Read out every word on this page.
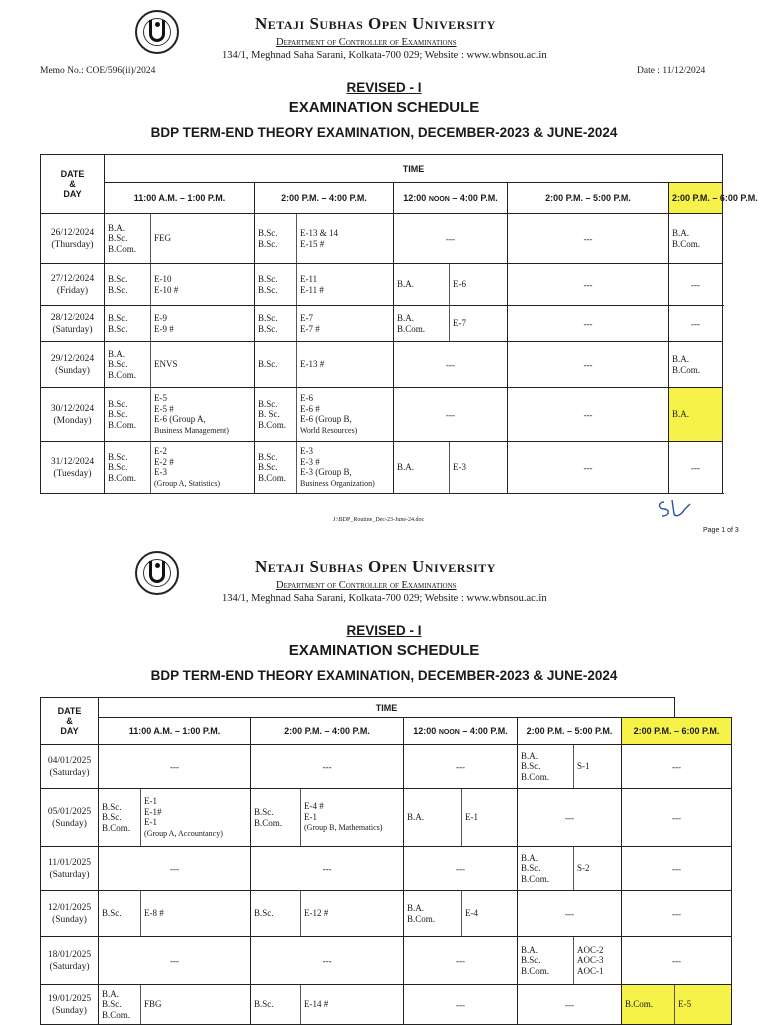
Netaji Subhas Open University
Department of Controller of Examinations
134/1, Meghnad Saha Sarani, Kolkata-700 029; Website : www.wbnsou.ac.in
Memo No.: COE/596(ii)/2024	Date : 11/12/2024
REVISED - I
EXAMINATION SCHEDULE
BDP TERM-END THEORY EXAMINATION, DECEMBER-2023 & JUNE-2024
DATE
&
DAY	TIME								
	11:00 A.M. – 1:00 P.M.		2:00 P.M. – 4:00 P.M.		12:00 NOON – 4:00 P.M.		2:00 P.M. – 5:00 P.M.	2:00 P.M. – 6:00 P.M.	
26/12/2024
(Thursday)	B.A.
B.Sc.
B.Com.	FEG	B.Sc.
B.Sc.	E-13 & 14
E-15 #	---		---	B.A.
B.Com.	
27/12/2024
(Friday)	B.Sc.
B.Sc.	E-10
E-10 #	B.Sc.
B.Sc.	E-11
E-11 #	B.A.	E-6	---	---	
28/12/2024
(Saturday)	B.Sc.
B.Sc.	E-9
E-9 #	B.Sc.
B.Sc.	E-7
E-7 #	B.A.
B.Com.	E-7	---	---	
29/12/2024
(Sunday)	B.A.
B.Sc.
B.Com.	ENVS	B.Sc.	E-13 #	---		---	B.A.
B.Com.	
30/12/2024
(Monday)	B.Sc.
B.Sc.
B.Com.	E-5
E-5 #
E-6 (Group A,
Business Management)	B.Sc.
B. Sc.
B.Com.	E-6
E-6 #
E-6 (Group B,
World Resources)	---		---	B.A.	
31/12/2024
(Tuesday)	B.Sc.
B.Sc.
B.Com.	E-2
E-2 #
E-3
(Group A, Statistics)	B.Sc.
B.Sc.
B.Com.	E-3
E-3 #
E-3 (Group B,
Business Organization)	B.A.	E-3	---	---	
J:\BDP_Routine_Dec-23-June-24.doc
Page 1 of 3
Netaji Subhas Open University
Department of Controller of Examinations
134/1, Meghnad Saha Sarani, Kolkata-700 029; Website : www.wbnsou.ac.in
REVISED - I
EXAMINATION SCHEDULE
BDP TERM-END THEORY EXAMINATION, DECEMBER-2023 & JUNE-2024
DATE
&
DAY	TIME									
	11:00 A.M. – 1:00 P.M.		2:00 P.M. – 4:00 P.M.		12:00 NOON – 4:00 P.M.		2:00 P.M. – 5:00 P.M.		2:00 P.M. – 6:00 P.M.	
04/01/2025
(Saturday)	---		---		---		B.A.
B.Sc.
B.Com.	S-1	---	
05/01/2025
(Sunday)	B.Sc.
B.Sc.
B.Com.	E-1
E-1#
E-1
(Group A, Accountancy)	B.Sc.
B.Com.	E-4 #
E-1
(Group B, Mathematics)	B.A.	E-1	---		---	
11/01/2025
(Saturday)	---		---		---		B.A.
B.Sc.
B.Com.	S-2	---	
12/01/2025
(Sunday)	B.Sc.	E-8 #	B.Sc.	E-12 #	B.A.
B.Com.	E-4	---		---	
18/01/2025
(Saturday)	---		---		---		B.A.
B.Sc.
B.Com.	AOC-2
AOC-3
AOC-1	---	
19/01/2025
(Sunday)	B.A.
B.Sc.
B.Com.	FBG	B.Sc.	E-14 #	---		---		B.Com.	E-5
